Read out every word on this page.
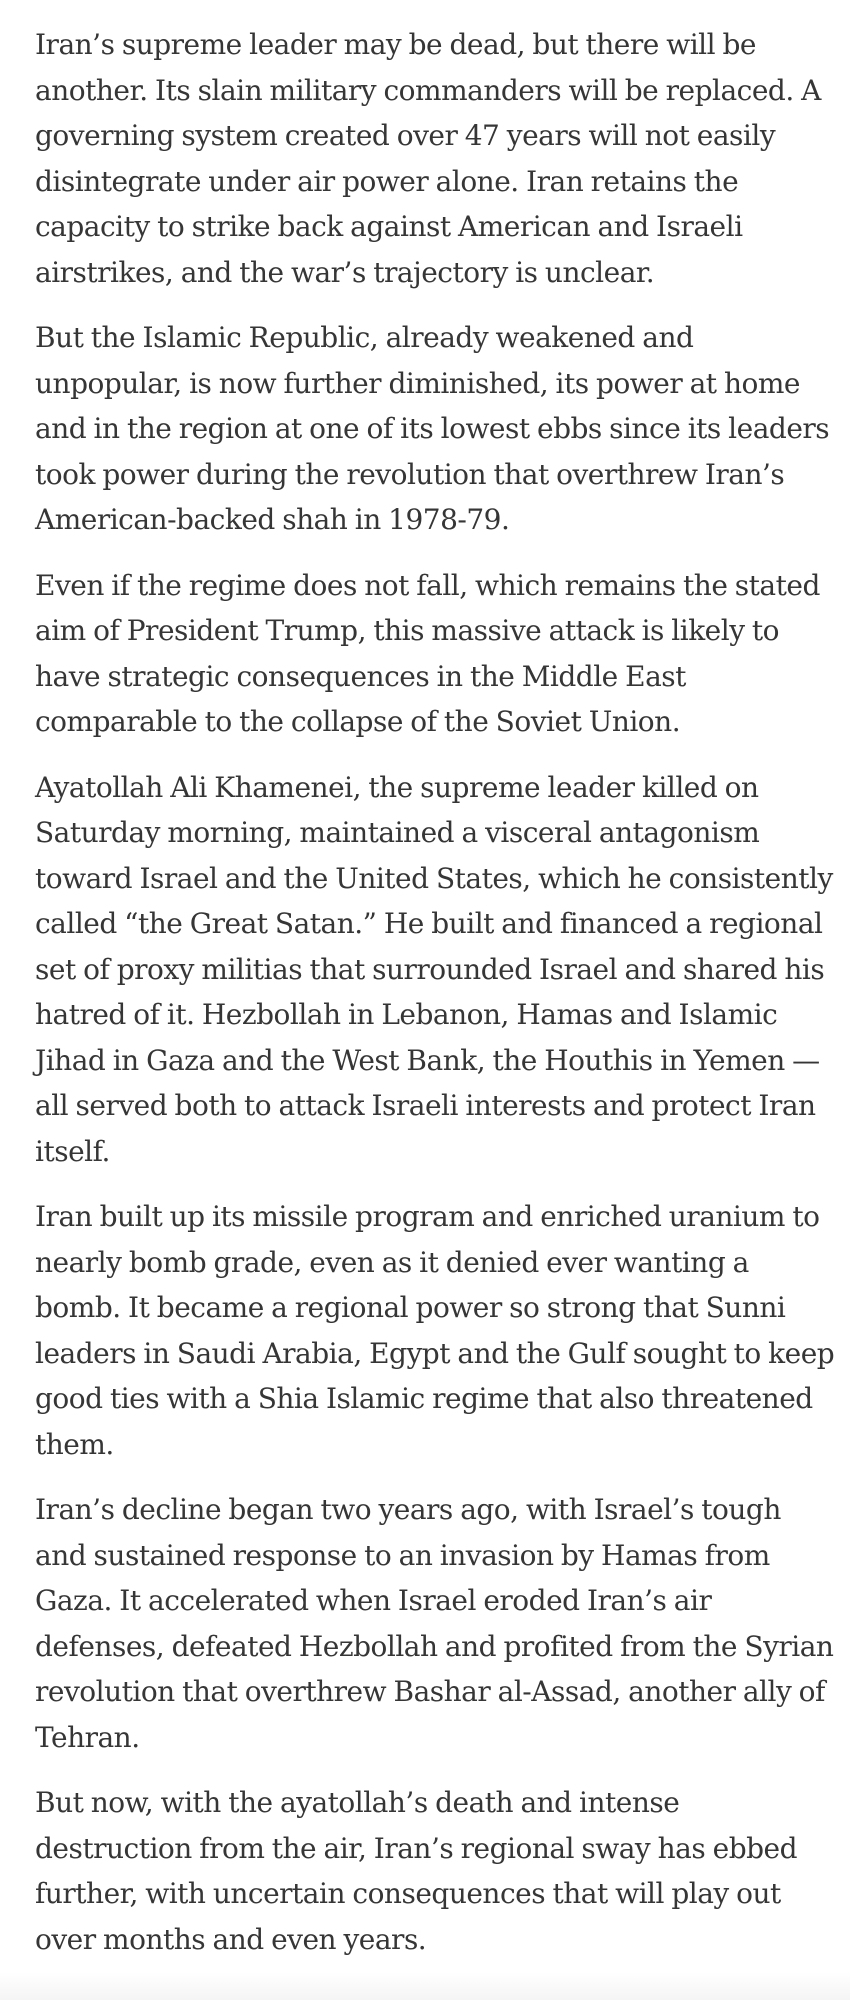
Iran’s supreme leader may be dead, but there will be another. Its slain military commanders will be replaced. A governing system created over 47 years will not easily disintegrate under air power alone. Iran retains the capacity to strike back against American and Israeli airstrikes, and the war’s trajectory is unclear.

But the Islamic Republic, already weakened and unpopular, is now further diminished, its power at home and in the region at one of its lowest ebbs since its leaders took power during the revolution that overthrew Iran’s American-backed shah in 1978-79.

Even if the regime does not fall, which remains the stated aim of President Trump, this massive attack is likely to have strategic consequences in the Middle East comparable to the collapse of the Soviet Union.

Ayatollah Ali Khamenei, the supreme leader killed on Saturday morning, maintained a visceral antagonism toward Israel and the United States, which he consistently called “the Great Satan.” He built and financed a regional set of proxy militias that surrounded Israel and shared his hatred of it. Hezbollah in Lebanon, Hamas and Islamic Jihad in Gaza and the West Bank, the Houthis in Yemen — all served both to attack Israeli interests and protect Iran itself.

Iran built up its missile program and enriched uranium to nearly bomb grade, even as it denied ever wanting a bomb. It became a regional power so strong that Sunni leaders in Saudi Arabia, Egypt and the Gulf sought to keep good ties with a Shia Islamic regime that also threatened them.

Iran’s decline began two years ago, with Israel’s tough and sustained response to an invasion by Hamas from Gaza. It accelerated when Israel eroded Iran’s air defenses, defeated Hezbollah and profited from the Syrian revolution that overthrew Bashar al-Assad, another ally of Tehran.

But now, with the ayatollah’s death and intense destruction from the air, Iran’s regional sway has ebbed further, with uncertain consequences that will play out over months and even years.
